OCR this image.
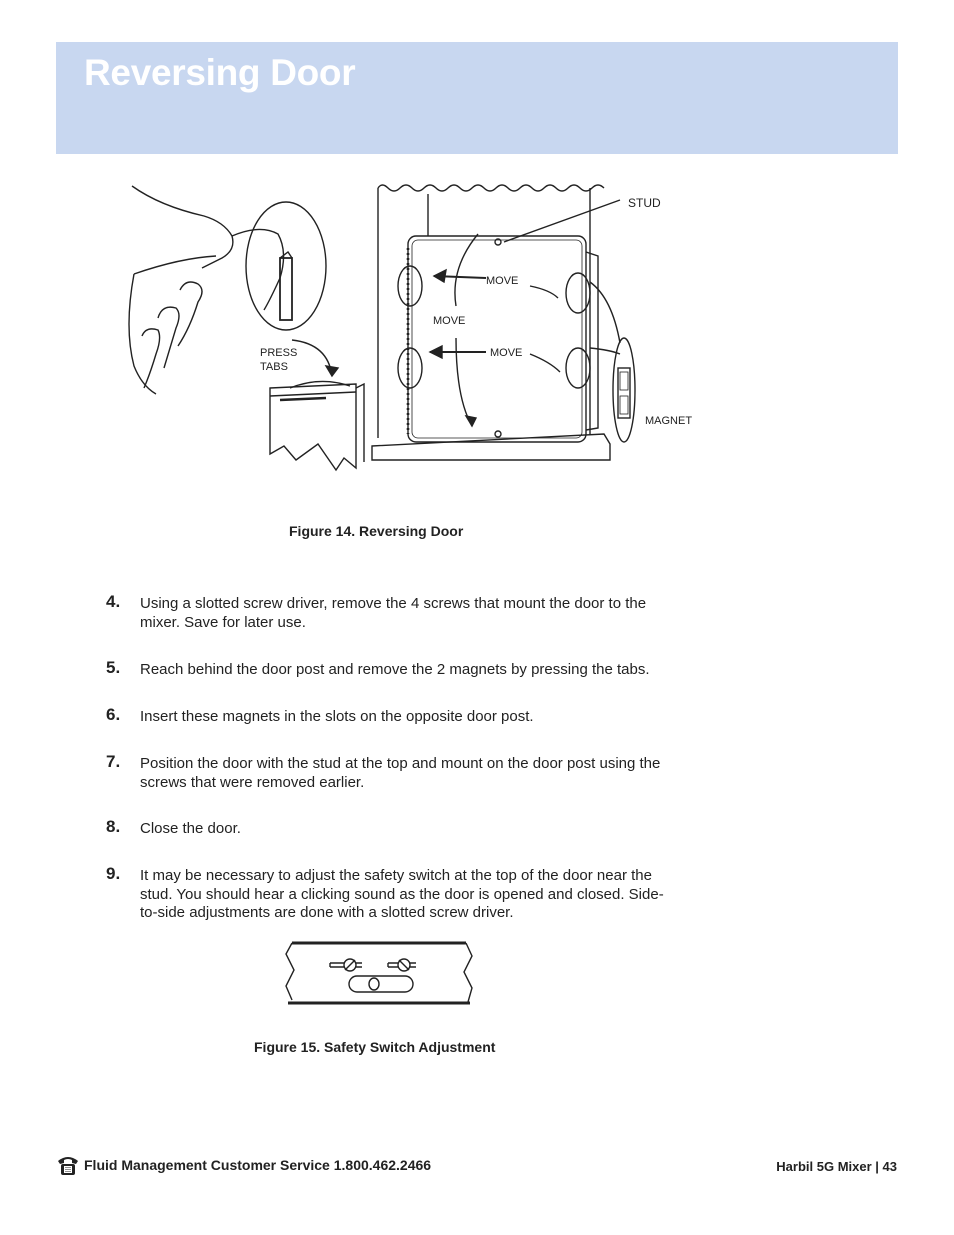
Reversing Door
STUD
MOVE
MOVE
MOVE
MAGNET
PRESS
TABS
Figure 14. Reversing Door
4. Using a slotted screw driver, remove the 4 screws that mount the door to the mixer. Save for later use.
5. Reach behind the door post and remove the 2 magnets by pressing the tabs.
6. Insert these magnets in the slots on the opposite door post.
7. Position the door with the stud at the top and mount on the door post using the screws that were removed earlier.
8. Close the door.
9. It may be necessary to adjust the safety switch at the top of the door near the stud. You should hear a clicking sound as the door is opened and closed. Side- to-side adjustments are done with a slotted screw driver.
Figure 15. Safety Switch Adjustment
Fluid Management Customer Service 1.800.462.2466	Harbil 5G Mixer | 43
